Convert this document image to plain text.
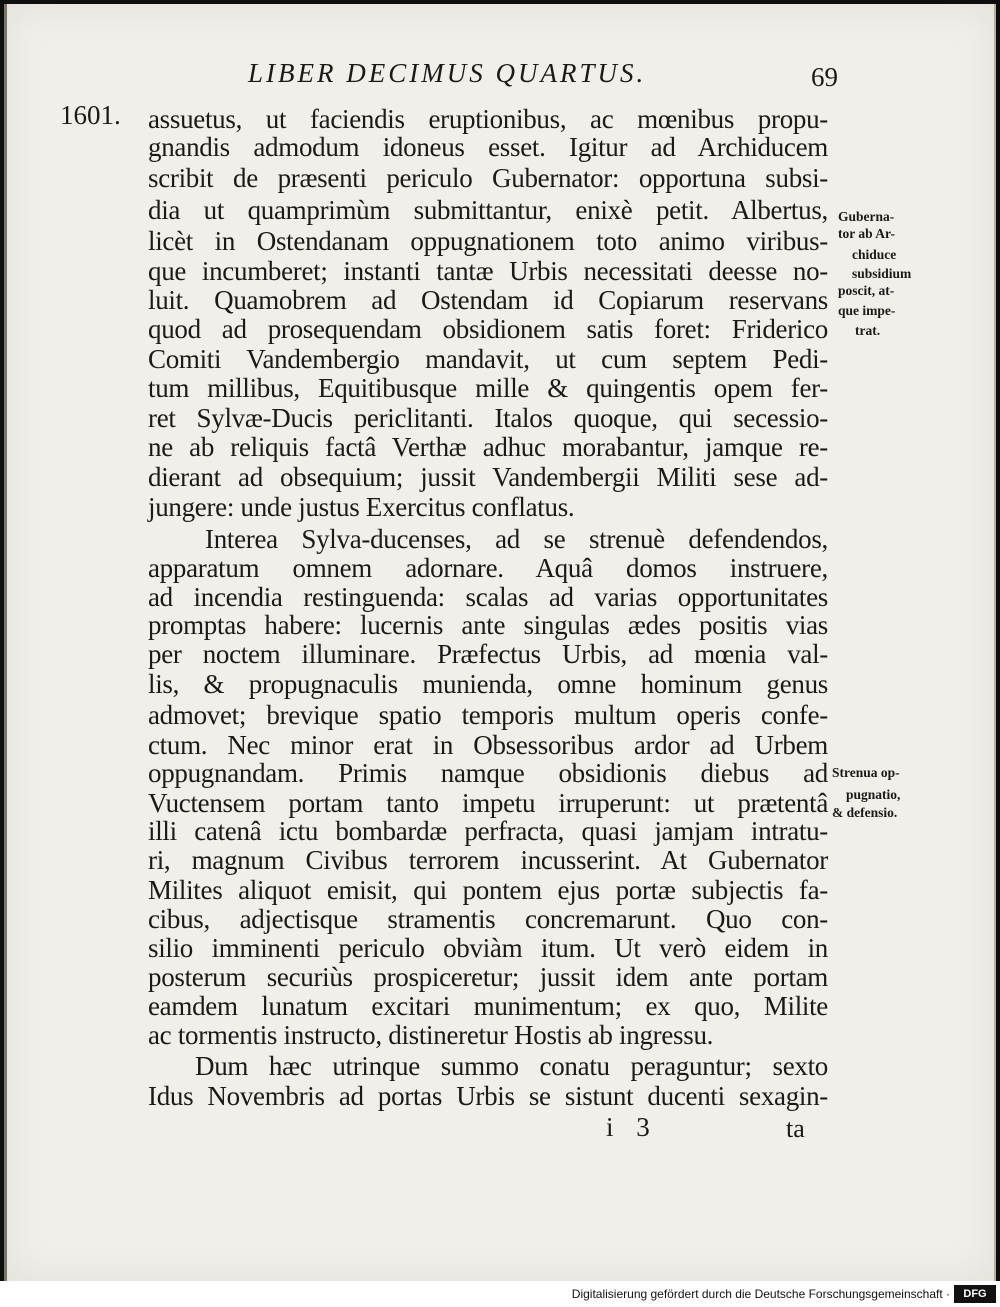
LIBER DECIMUS QUARTUS.	69
1601. assuetus, ut faciendis eruptionibus, ac mœnibus propu-
gnandis admodum idoneus esset. Igitur ad Archiducem
scribit de præsenti periculo Gubernator: opportuna subsi-
dia ut quamprimùm submittantur, enixè petit. Albertus,
licèt in Ostendanam oppugnationem toto animo viribus-
que incumberet; instanti tantæ Urbis necessitati deesse no-
luit. Quamobrem ad Ostendam id Copiarum reservans
quod ad prosequendam obsidionem satis foret: Friderico
Comiti Vandembergio mandavit, ut cum septem Pedi-
tum millibus, Equitibusque mille & quingentis opem fer-
ret Sylvæ-Ducis periclitanti. Italos quoque, qui secessio-
ne ab reliquis factâ Verthæ adhuc morabantur, jamque re-
dierant ad obsequium; jussit Vandembergii Militi sese ad-
jungere: unde justus Exercitus conflatus.
Interea Sylva-ducenses, ad se strenuè defendendos,
apparatum omnem adornare. Aquâ domos instruere,
ad incendia restinguenda: scalas ad varias opportunitates
promptas habere: lucernis ante singulas ædes positis vias
per noctem illuminare. Præfectus Urbis, ad mœnia val-
lis, & propugnaculis munienda, omne hominum genus
admovet; brevique spatio temporis multum operis confe-
ctum. Nec minor erat in Obsessoribus ardor ad Urbem
oppugnandam. Primis namque obsidionis diebus ad
Vuctensem portam tanto impetu irruperunt: ut prætentâ
illi catenâ ictu bombardæ perfracta, quasi jamjam intratu-
ri, magnum Civibus terrorem incusserint. At Gubernator
Milites aliquot emisit, qui pontem ejus portæ subjectis fa-
cibus, adjectisque stramentis concremarunt. Quo con-
silio imminenti periculo obviàm itum. Ut verò eidem in
posterum securiùs prospiceretur; jussit idem ante portam
eamdem lunatum excitari munimentum; ex quo, Milite
ac tormentis instructo, distineretur Hostis ab ingressu.
Dum hæc utrinque summo conatu peraguntur; sexto
Idus Novembris ad portas Urbis se sistunt ducenti sexagin-
Guberna-
tor ab Ar-
chiduce
subsidium
poscit, at-
que impe-
trat.
Strenua op-
pugnatio,
& defensio.
i 3	ta
Digitalisierung gefördert durch die Deutsche Forschungsgemeinschaft ·	DFG
